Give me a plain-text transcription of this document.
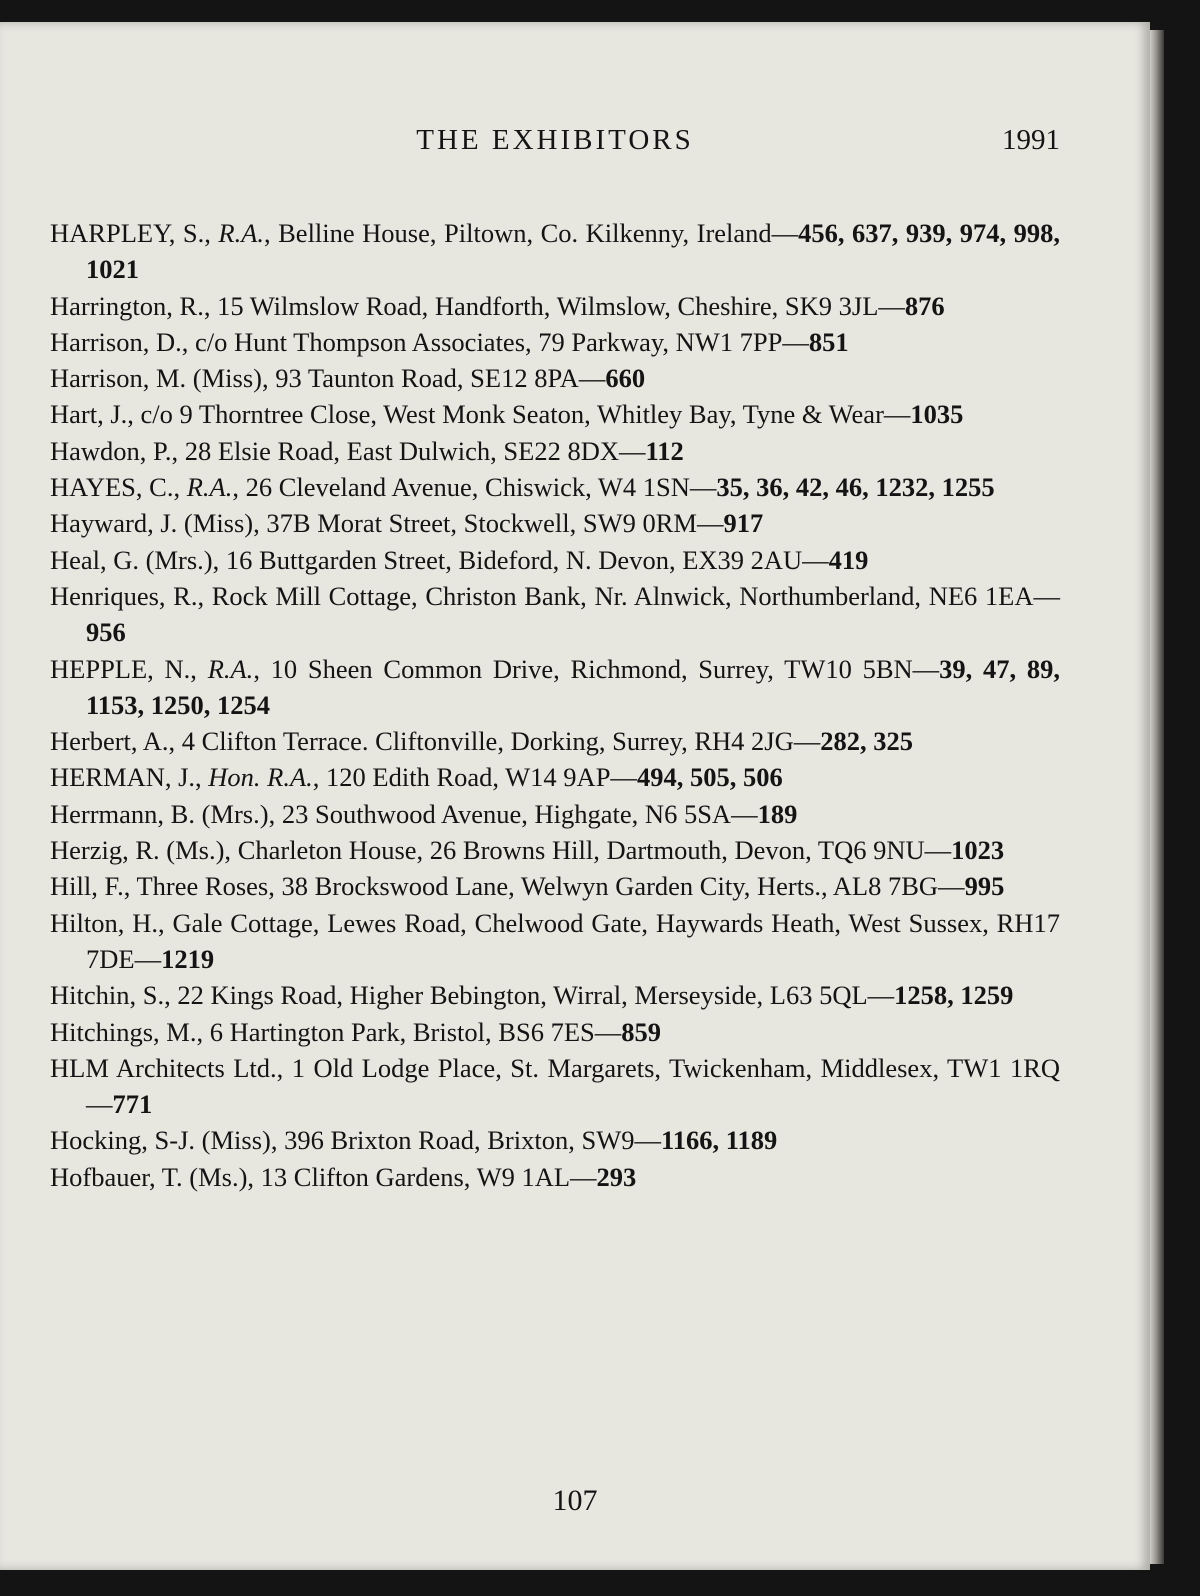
THE EXHIBITORS	1991
HARPLEY, S., R.A., Belline House, Piltown, Co. Kilkenny, Ireland—456, 637, 939, 974, 998, 1021
Harrington, R., 15 Wilmslow Road, Handforth, Wilmslow, Cheshire, SK9 3JL—876
Harrison, D., c/o Hunt Thompson Associates, 79 Parkway, NW1 7PP—851
Harrison, M. (Miss), 93 Taunton Road, SE12 8PA—660
Hart, J., c/o 9 Thorntree Close, West Monk Seaton, Whitley Bay, Tyne & Wear—1035
Hawdon, P., 28 Elsie Road, East Dulwich, SE22 8DX—112
HAYES, C., R.A., 26 Cleveland Avenue, Chiswick, W4 1SN—35, 36, 42, 46, 1232, 1255
Hayward, J. (Miss), 37B Morat Street, Stockwell, SW9 0RM—917
Heal, G. (Mrs.), 16 Buttgarden Street, Bideford, N. Devon, EX39 2AU—419
Henriques, R., Rock Mill Cottage, Christon Bank, Nr. Alnwick, Northumberland, NE6 1EA—956
HEPPLE, N., R.A., 10 Sheen Common Drive, Richmond, Surrey, TW10 5BN—39, 47, 89, 1153, 1250, 1254
Herbert, A., 4 Clifton Terrace. Cliftonville, Dorking, Surrey, RH4 2JG—282, 325
HERMAN, J., Hon. R.A., 120 Edith Road, W14 9AP—494, 505, 506
Herrmann, B. (Mrs.), 23 Southwood Avenue, Highgate, N6 5SA—189
Herzig, R. (Ms.), Charleton House, 26 Browns Hill, Dartmouth, Devon, TQ6 9NU—1023
Hill, F., Three Roses, 38 Brockswood Lane, Welwyn Garden City, Herts., AL8 7BG—995
Hilton, H., Gale Cottage, Lewes Road, Chelwood Gate, Haywards Heath, West Sussex, RH17 7DE—1219
Hitchin, S., 22 Kings Road, Higher Bebington, Wirral, Merseyside, L63 5QL—1258, 1259
Hitchings, M., 6 Hartington Park, Bristol, BS6 7ES—859
HLM Architects Ltd., 1 Old Lodge Place, St. Margarets, Twickenham, Middlesex, TW1 1RQ—771
Hocking, S-J. (Miss), 396 Brixton Road, Brixton, SW9—1166, 1189
Hofbauer, T. (Ms.), 13 Clifton Gardens, W9 1AL—293
107
